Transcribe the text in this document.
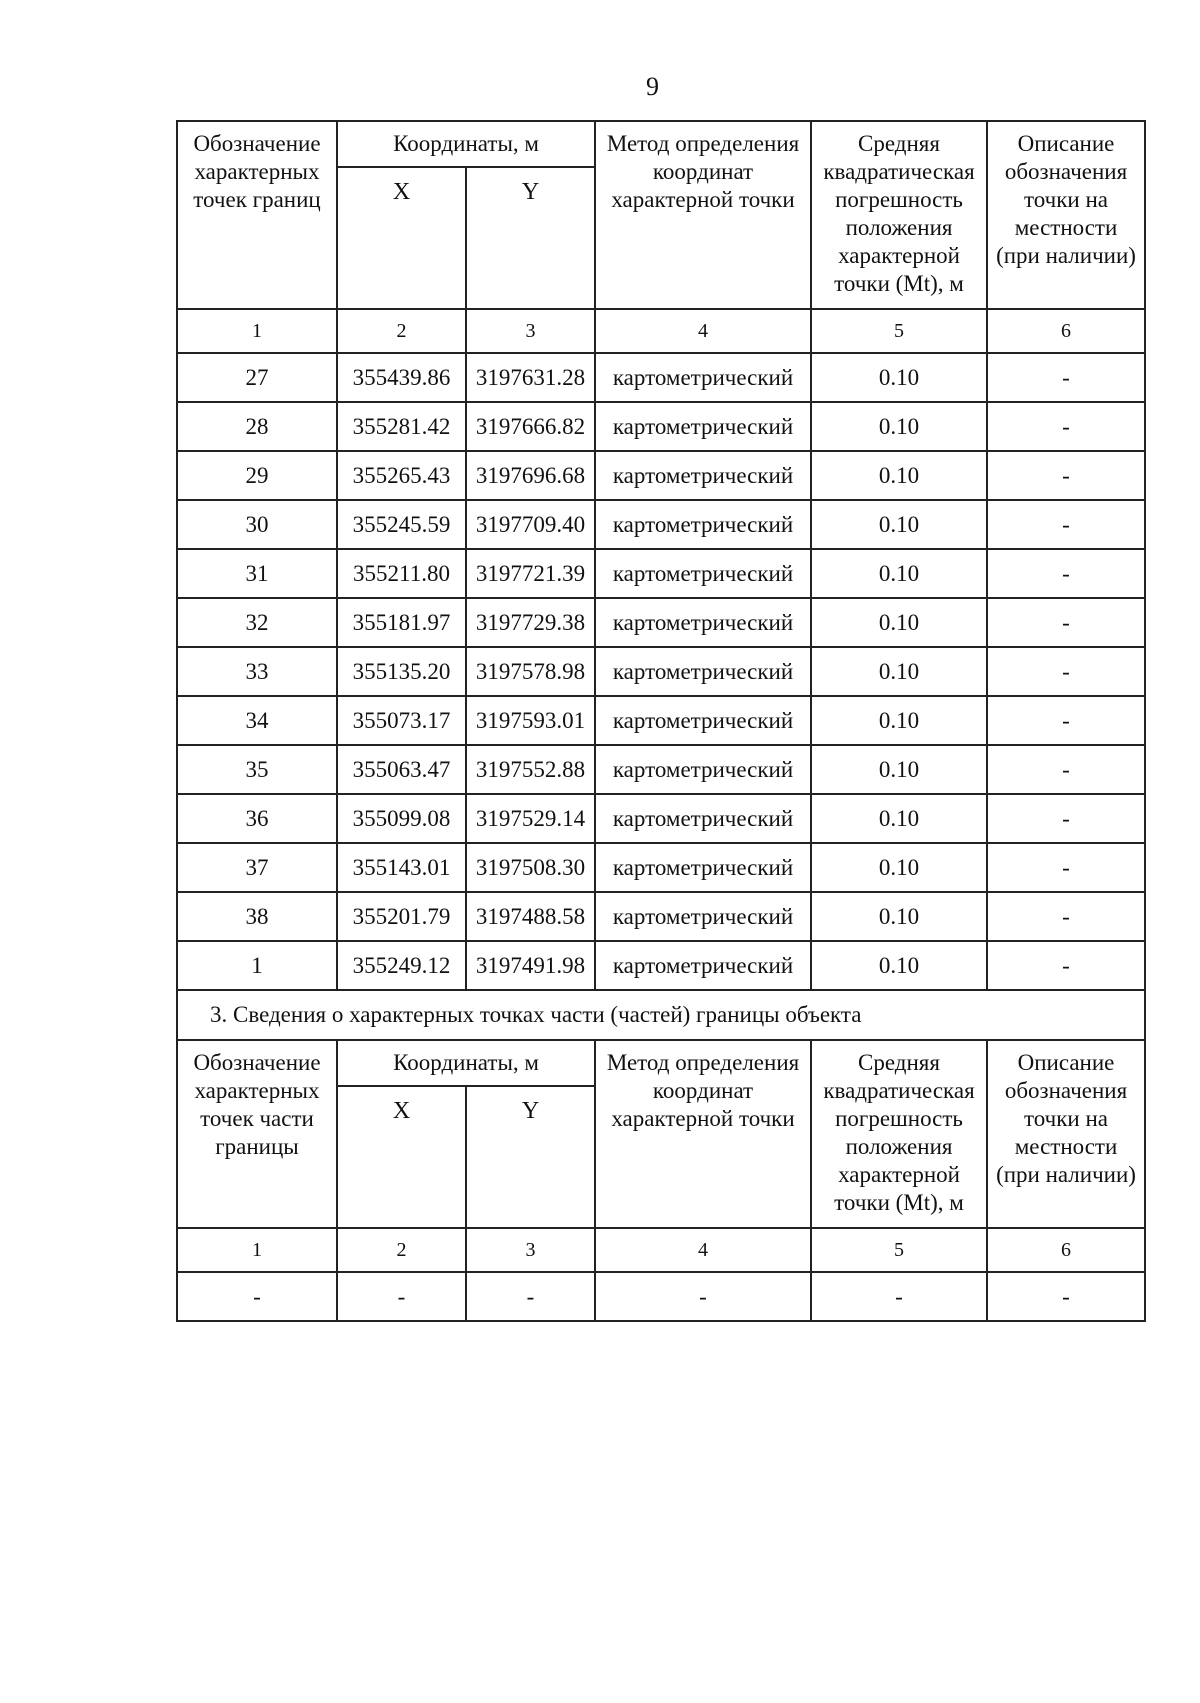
9
Обозначение характерных точек границ	Координаты, м		Метод определения координат характерной точки	Средняя квадратическая погрешность положения характерной точки (Mt), м	Описание обозначения точки на местности (при наличии)
	X	Y			
1	2	3	4	5	6
27	355439.86	3197631.28	картометрический	0.10	-
28	355281.42	3197666.82	картометрический	0.10	-
29	355265.43	3197696.68	картометрический	0.10	-
30	355245.59	3197709.40	картометрический	0.10	-
31	355211.80	3197721.39	картометрический	0.10	-
32	355181.97	3197729.38	картометрический	0.10	-
33	355135.20	3197578.98	картометрический	0.10	-
34	355073.17	3197593.01	картометрический	0.10	-
35	355063.47	3197552.88	картометрический	0.10	-
36	355099.08	3197529.14	картометрический	0.10	-
37	355143.01	3197508.30	картометрический	0.10	-
38	355201.79	3197488.58	картометрический	0.10	-
1	355249.12	3197491.98	картометрический	0.10	-
3. Сведения о характерных точках части (частей) границы объекта					
Обозначение характерных точек части границы	Координаты, м		Метод определения координат характерной точки	Средняя квадратическая погрешность положения характерной точки (Mt), м	Описание обозначения точки на местности (при наличии)
	X	Y			
1	2	3	4	5	6
-	-	-	-	-	-
